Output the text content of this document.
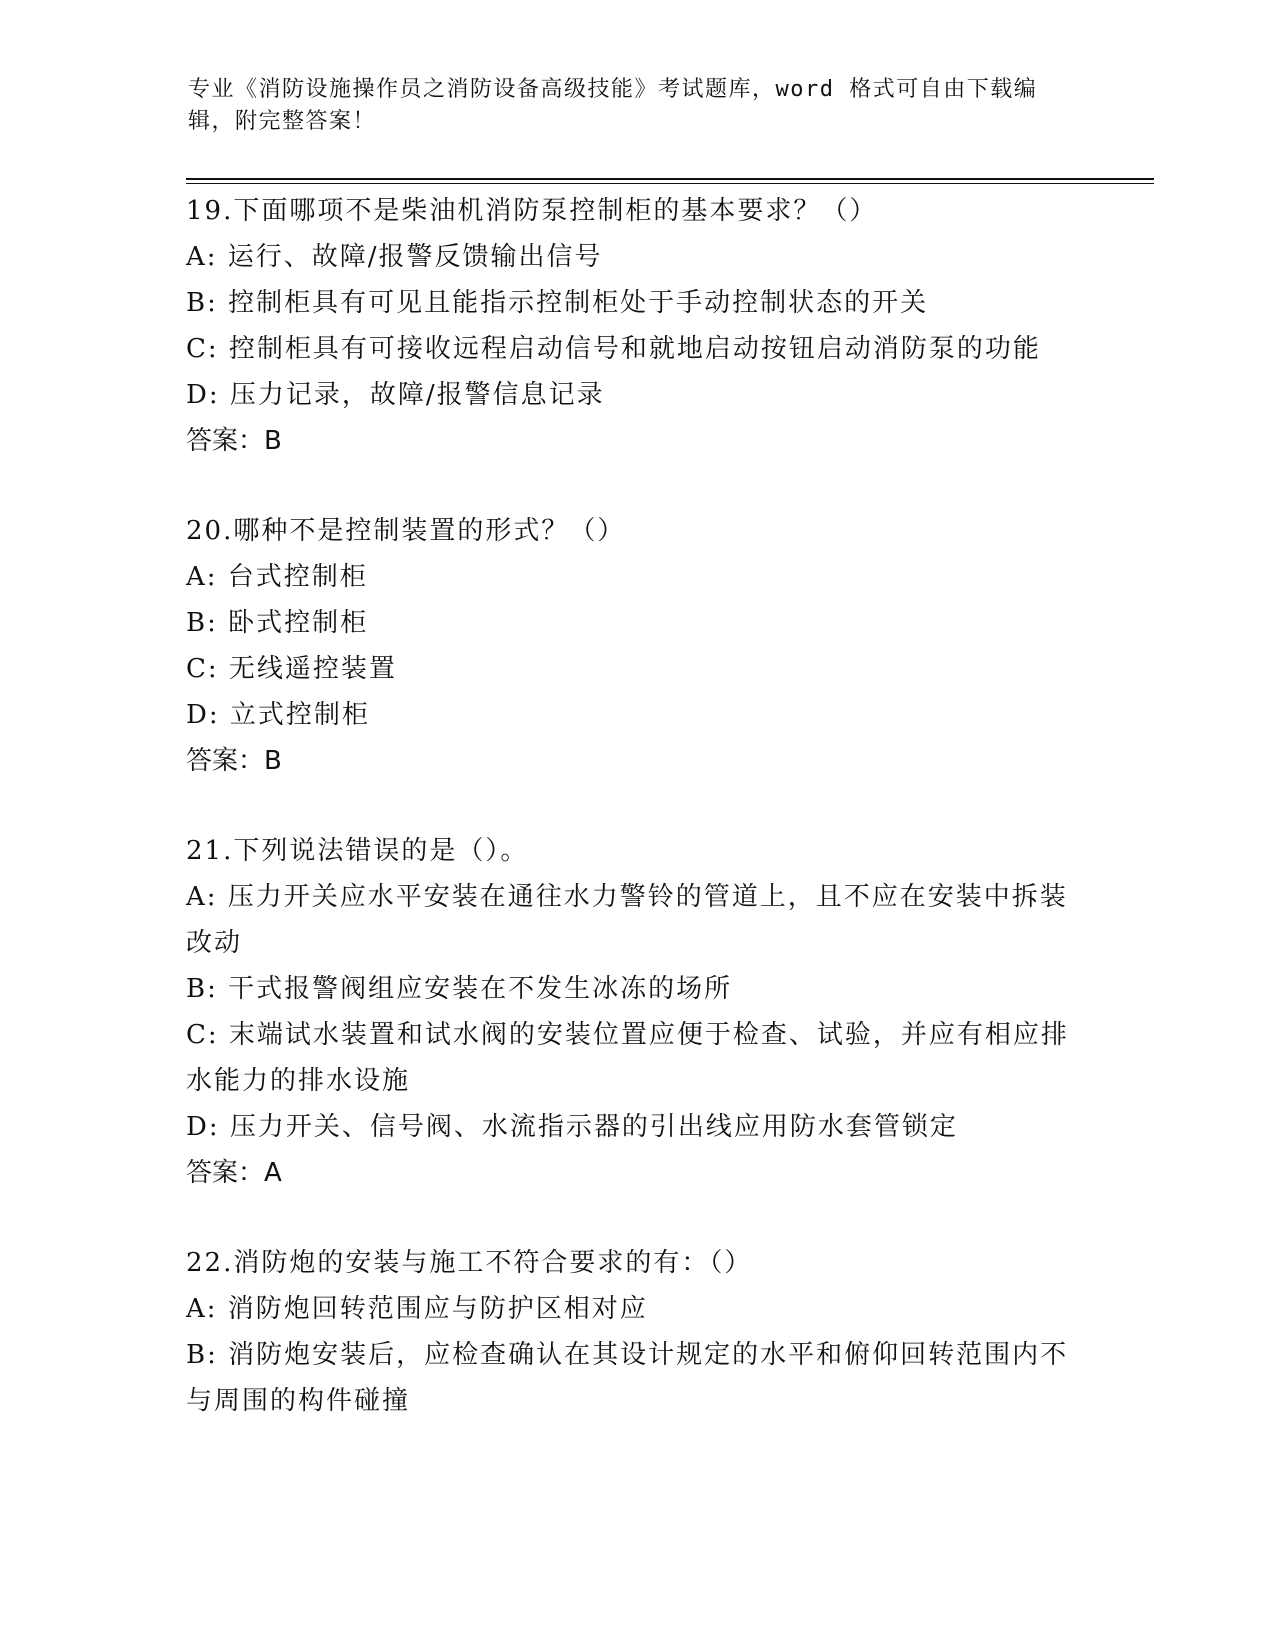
专业《消防设施操作员之消防设备高级技能》考试题库，word 格式可自由下载编辑，附完整答案！
19.下面哪项不是柴油机消防泵控制柜的基本要求？（）
A: 运行、故障/报警反馈输出信号
B: 控制柜具有可见且能指示控制柜处于手动控制状态的开关
C: 控制柜具有可接收远程启动信号和就地启动按钮启动消防泵的功能
D: 压力记录，故障/报警信息记录
答案：B
20.哪种不是控制装置的形式？（）
A: 台式控制柜
B: 卧式控制柜
C: 无线遥控装置
D: 立式控制柜
答案：B
21.下列说法错误的是（）。
A: 压力开关应水平安装在通往水力警铃的管道上，且不应在安装中拆装改动
B: 干式报警阀组应安装在不发生冰冻的场所
C: 末端试水装置和试水阀的安装位置应便于检查、试验，并应有相应排水能力的排水设施
D: 压力开关、信号阀、水流指示器的引出线应用防水套管锁定
答案：A
22.消防炮的安装与施工不符合要求的有：（）
A: 消防炮回转范围应与防护区相对应
B: 消防炮安装后，应检查确认在其设计规定的水平和俯仰回转范围内不与周围的构件碰撞
